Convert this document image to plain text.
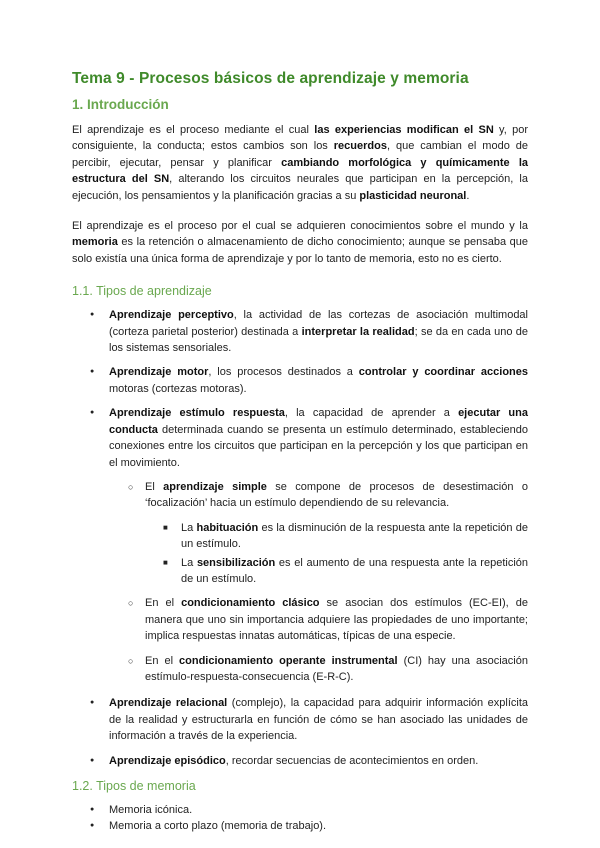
Tema 9 - Procesos básicos de aprendizaje y memoria
1. Introducción

El aprendizaje es el proceso mediante el cual las experiencias modifican el SN y, por consiguiente, la conducta; estos cambios son los recuerdos, que cambian el modo de percibir, ejecutar, pensar y planificar cambiando morfológica y químicamente la estructura del SN, alterando los circuitos neurales que participan en la percepción, la ejecución, los pensamientos y la planificación gracias a su plasticidad neuronal.

El aprendizaje es el proceso por el cual se adquieren conocimientos sobre el mundo y la memoria es la retención o almacenamiento de dicho conocimiento; aunque se pensaba que solo existía una única forma de aprendizaje y por lo tanto de memoria, esto no es cierto.

1.1. Tipos de aprendizaje
● Aprendizaje perceptivo, la actividad de las cortezas de asociación multimodal (corteza parietal posterior) destinada a interpretar la realidad; se da en cada uno de los sistemas sensoriales.
● Aprendizaje motor, los procesos destinados a controlar y coordinar acciones motoras (cortezas motoras).
● Aprendizaje estímulo respuesta, la capacidad de aprender a ejecutar una conducta determinada cuando se presenta un estímulo determinado, estableciendo conexiones entre los circuitos que participan en la percepción y los que participan en el movimiento.
○ El aprendizaje simple se compone de procesos de desestimación o ‘focalización’ hacia un estímulo dependiendo de su relevancia.
■ La habituación es la disminución de la respuesta ante la repetición de un estímulo.
■ La sensibilización es el aumento de una respuesta ante la repetición de un estímulo.
○ En el condicionamiento clásico se asocian dos estímulos (EC-EI), de manera que uno sin importancia adquiere las propiedades de uno importante; implica respuestas innatas automáticas, típicas de una especie.
○ En el condicionamiento operante instrumental (CI) hay una asociación estímulo-respuesta-consecuencia (E-R-C).
● Aprendizaje relacional (complejo), la capacidad para adquirir información explícita de la realidad y estructurarla en función de cómo se han asociado las unidades de información a través de la experiencia.
● Aprendizaje episódico, recordar secuencias de acontecimientos en orden.
1.2. Tipos de memoria
● Memoria icónica.
● Memoria a corto plazo (memoria de trabajo).
